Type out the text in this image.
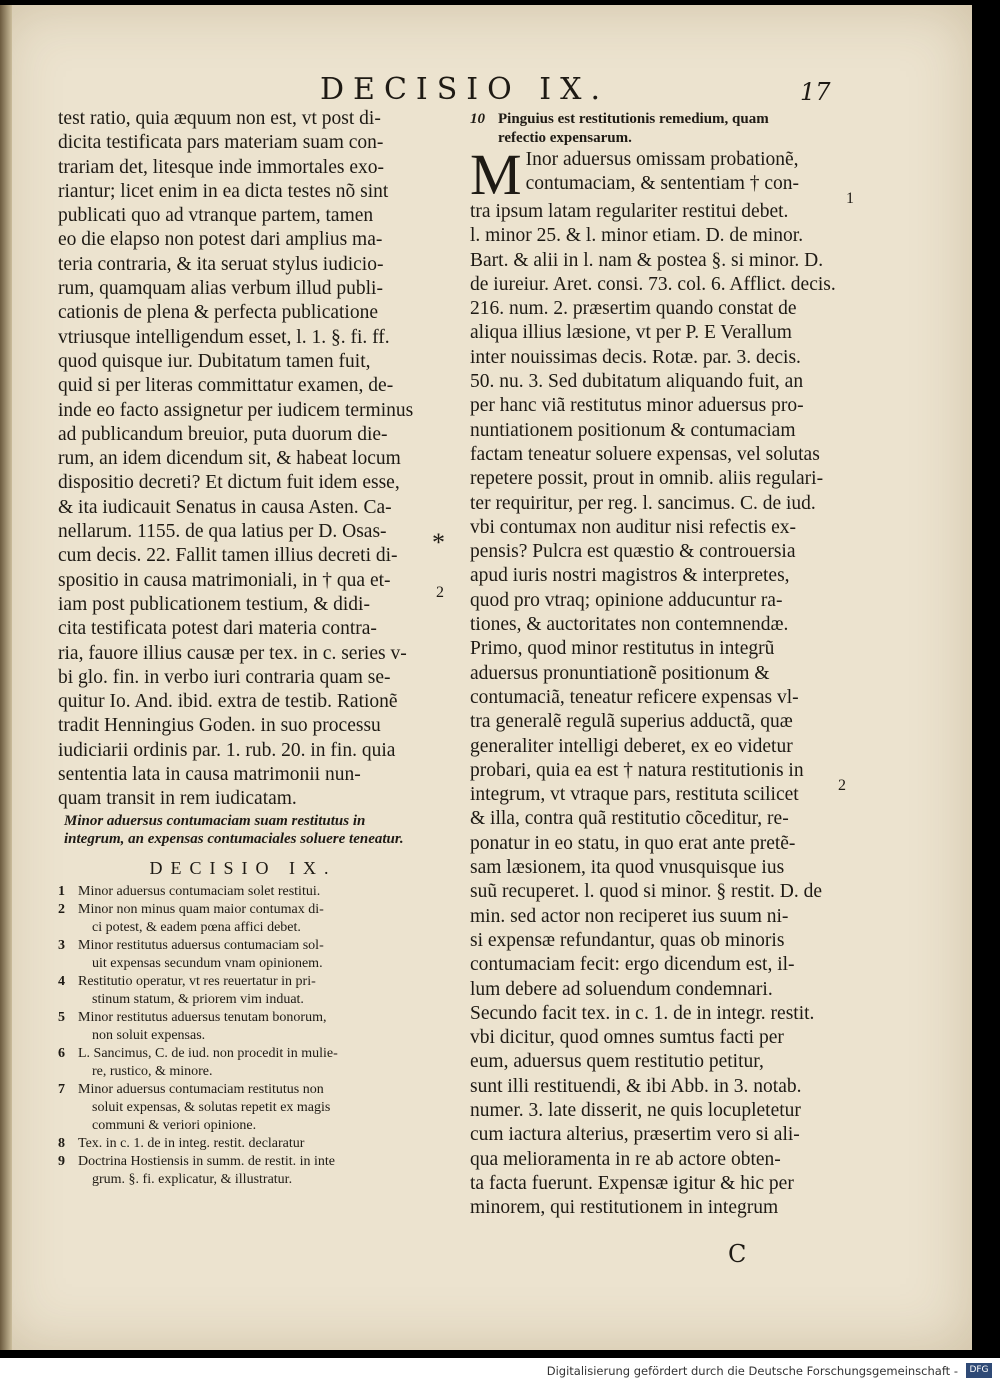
DECISIO IX.	17
test ratio, quia æquum non est, vt post di-
dicita testificata pars materiam suam con-
trariam det, litesque inde immortales exo-
riantur; licet enim in ea dicta testes nõ sint
publicati quo ad vtranque partem, tamen
eo die elapso non potest dari amplius ma-
teria contraria, & ita seruat stylus iudicio-
rum, quamquam alias verbum illud publi-
cationis de plena & perfecta publicatione
vtriusque intelligendum esset, l. 1. §. fi. ff.
quod quisque iur. Dubitatum tamen fuit,
quid si per literas committatur examen, de-
inde eo facto assignetur per iudicem terminus
ad publicandum breuior, puta duorum die-
rum, an idem dicendum sit, & habeat locum
dispositio decreti? Et dictum fuit idem esse,
& ita iudicauit Senatus in causa Asten. Ca-
nellarum. 1155. de qua latius per D. Osas-
cum decis. 22. Fallit tamen illius decreti di-
spositio in causa matrimoniali, in † qua et-
iam post publicationem testium, & didi-
cita testificata potest dari materia contra-
ria, fauore illius causæ per tex. in c. series v-
bi glo. fin. in verbo iuri contraria quam se-
quitur Io. And. ibid. extra de testib. Rationẽ
tradit Henningius Goden. in suo processu
iudiciarii ordinis par. 1. rub. 20. in fin. quia
sententia lata in causa matrimonii nun-
quam transit in rem iudicatam.
Minor aduersus contumaciam suam restitutus in integrum, an expensas contumaciales soluere teneatur.
DECISIO IX.
1 Minor aduersus contumaciam solet restitui.
2 Minor non minus quam maior contumax di-
ci potest, & eadem pœna affici debet.
3 Minor restitutus aduersus contumaciam sol-
uit expensas secundum vnam opinionem.
4 Restitutio operatur, vt res reuertatur in pri-
stinum statum, & priorem vim induat.
5 Minor restitutus aduersus tenutam bonorum,
non soluit expensas.
6 L. Sancimus, C. de iud. non procedit in mulie-
re, rustico, & minore.
7 Minor aduersus contumaciam restitutus non
soluit expensas, & solutas repetit ex magis
communi & veriori opinione.
8 Tex. in c. 1. de in integ. restit. declaratur
9 Doctrina Hostiensis in summ. de restit. in inte
grum. §. fi. explicatur, & illustratur.
10 Pinguius est restitutionis remedium, quam
refectio expensarum.
M Inor aduersus omissam probationẽ,
contumaciam, & sententiam † con-
tra ipsum latam regulariter restitui debet.
l. minor 25. & l. minor etiam. D. de minor.
Bart. & alii in l. nam & postea §. si minor. D.
de iureiur. Aret. consi. 73. col. 6. Afflict. decis.
216. num. 2. præsertim quando constat de
aliqua illius læsione, vt per P. E Verallum
inter nouissimas decis. Rotæ. par. 3. decis.
50. nu. 3. Sed dubitatum aliquando fuit, an
per hanc viã restitutus minor aduersus pro-
nuntiationem positionum & contumaciam
factam teneatur soluere expensas, vel solutas
repetere possit, prout in omnib. aliis regulari-
ter requiritur, per reg. l. sancimus. C. de iud.
vbi contumax non auditur nisi refectis ex-
pensis? Pulcra est quæstio & controuersia
apud iuris nostri magistros & interpretes,
quod pro vtraq; opinione adducuntur ra-
tiones, & auctoritates non contemnendæ.
Primo, quod minor restitutus in integrũ
aduersus pronuntiationẽ positionum &
contumaciã, teneatur reficere expensas vl-
tra generalẽ regulã superius adductã, quæ
generaliter intelligi deberet, ex eo videtur
probari, quia ea est † natura restitutionis in
integrum, vt vtraque pars, restituta scilicet
& illa, contra quã restitutio cõceditur, re-
ponatur in eo statu, in quo erat ante pretẽ-
sam læsionem, ita quod vnusquisque ius
suũ recuperet. l. quod si minor. § restit. D. de
min. sed actor non reciperet ius suum ni-
si expensæ refundantur, quas ob minoris
contumaciam fecit: ergo dicendum est, il-
lum debere ad soluendum condemnari.
Secundo facit tex. in c. 1. de in integr. restit.
vbi dicitur, quod omnes sumtus facti per
eum, aduersus quem restitutio petitur,
sunt illi restituendi, & ibi Abb. in 3. notab.
numer. 3. late disserit, ne quis locupletetur
cum iactura alterius, præsertim vero si ali-
qua melioramenta in re ab actore obten-
ta facta fuerunt. Expensæ igitur & hic per
minorem, qui restitutionem in integrum
*
2
1
2
C
Digitalisierung gefördert durch die Deutsche Forschungsgemeinschaft -	DFG
